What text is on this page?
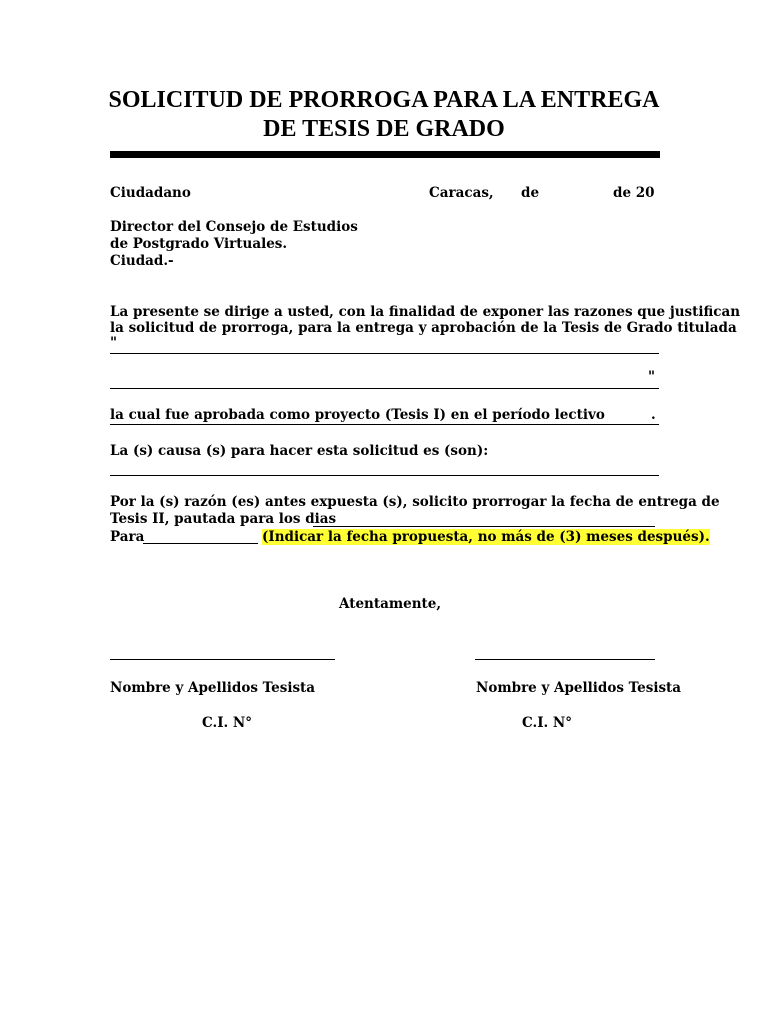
SOLICITUD DE PRORROGA PARA LA ENTREGA
DE TESIS DE GRADO
Ciudadano	Caracas, de	de 20
Director del Consejo de Estudios
de Postgrado Virtuales.
Ciudad.-
La presente se dirige a usted, con la finalidad de exponer las razones que justifican
la solicitud de prorroga, para la entrega y aprobación de la Tesis de Grado titulada
"
"
la cual fue aprobada como proyecto (Tesis I) en el período lectivo	.
La (s) causa (s) para hacer esta solicitud es (son):
Por la (s) razón (es) antes expuesta (s), solicito prorrogar la fecha de entrega de
Tesis II, pautada para los dias
Para	(Indicar la fecha propuesta, no más de (3) meses después).
Atentamente,
Nombre y Apellidos Tesista	Nombre y Apellidos Tesista
C.I. N°	C.I. N°
